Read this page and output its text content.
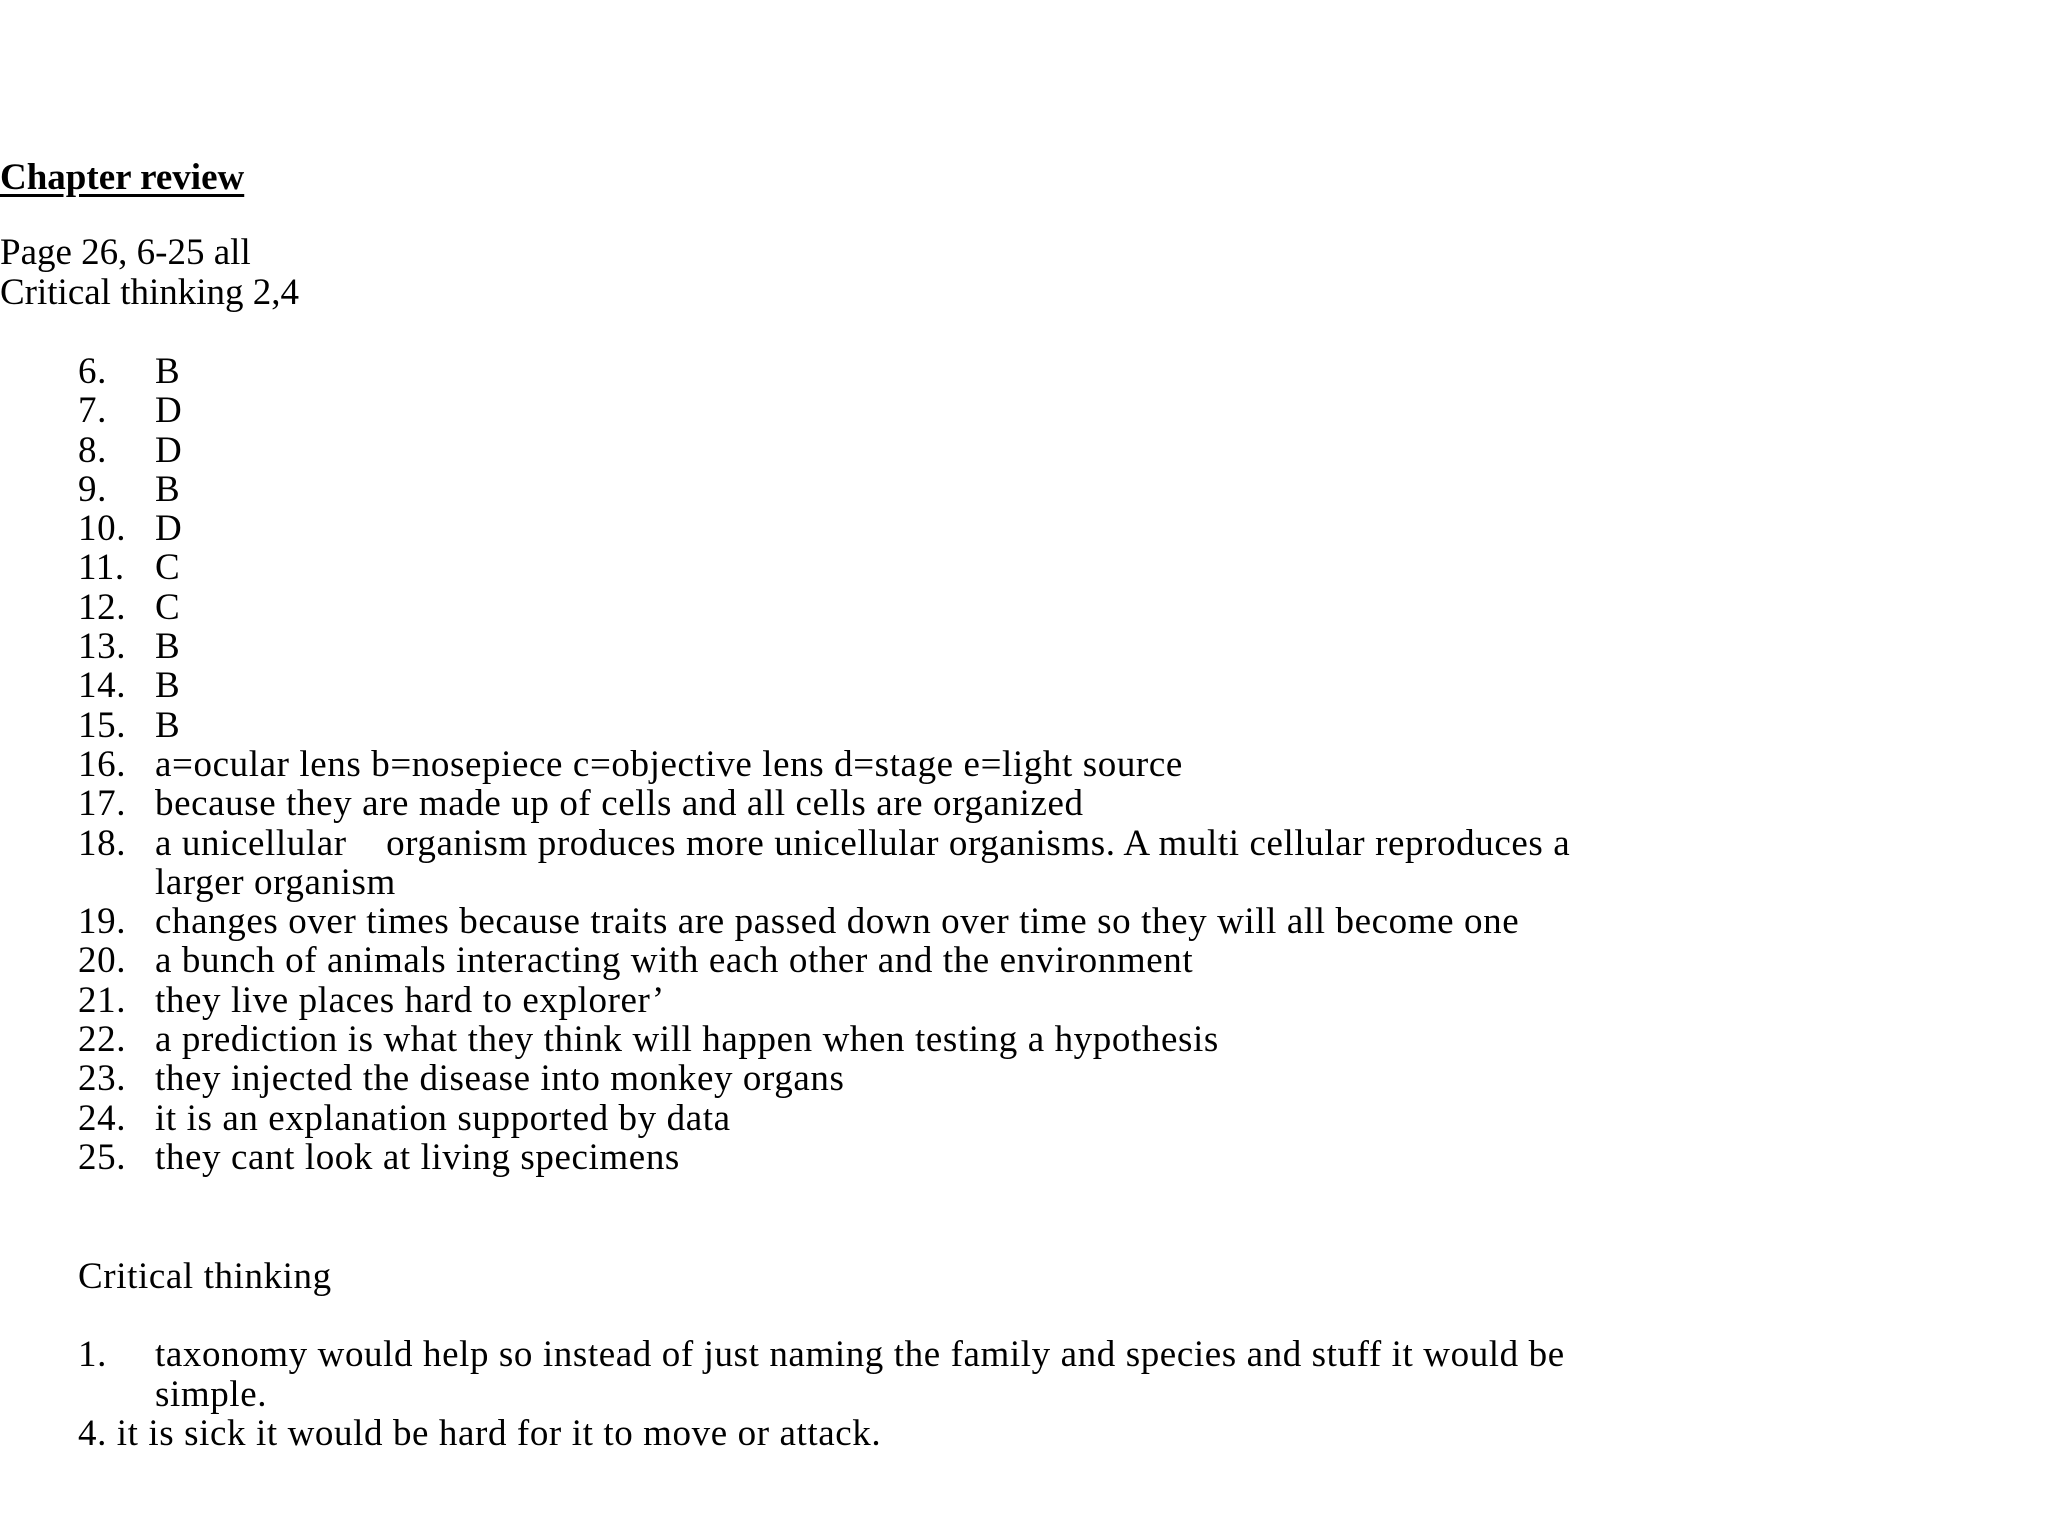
Chapter review
Page 26, 6-25 all
Critical thinking 2,4
6.	B
7.	D
8.	D
9.	B
10. D
11. C
12. C
13. B
14. B
15. B
16. a=ocular lens b=nosepiece c=objective lens d=stage e=light source
17. because they are made up of cells and all cells are organized
18. a unicellular    organism produces more unicellular organisms. A multi cellular reproduces a
larger organism
19. changes over times because traits are passed down over time so they will all become one
20. a bunch of animals interacting with each other and the environment
21. they live places hard to explorer’
22. a prediction is what they think will happen when testing a hypothesis
23. they injected the disease into monkey organs
24. it is an explanation supported by data
25. they cant look at living specimens
Critical thinking
1.	taxonomy would help so instead of just naming the family and species and stuff it would be
simple.
4. it is sick it would be hard for it to move or attack.
